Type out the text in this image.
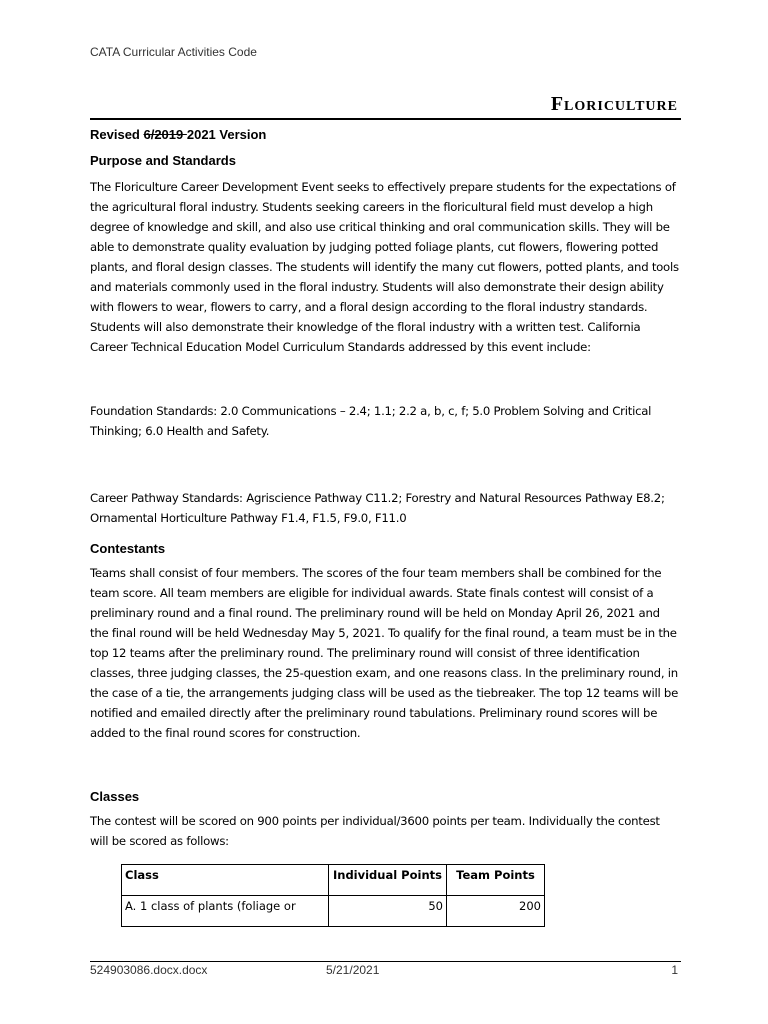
CATA Curricular Activities Code
Floriculture
Revised 6/2019 2021 Version
Purpose and Standards
The Floriculture Career Development Event seeks to effectively prepare students for the expectations of the agricultural floral industry. Students seeking careers in the floricultural field must develop a high degree of knowledge and skill, and also use critical thinking and oral communication skills. They will be able to demonstrate quality evaluation by judging potted foliage plants, cut flowers, flowering potted plants, and floral design classes. The students will identify the many cut flowers, potted plants, and tools and materials commonly used in the floral industry. Students will also demonstrate their design ability with flowers to wear, flowers to carry, and a floral design according to the floral industry standards. Students will also demonstrate their knowledge of the floral industry with a written test. California Career Technical Education Model Curriculum Standards addressed by this event include:
Foundation Standards: 2.0 Communications – 2.4; 1.1; 2.2 a, b, c, f; 5.0 Problem Solving and Critical Thinking; 6.0 Health and Safety.
Career Pathway Standards: Agriscience Pathway C11.2; Forestry and Natural Resources Pathway E8.2; Ornamental Horticulture Pathway F1.4, F1.5, F9.0, F11.0
Contestants
Teams shall consist of four members. The scores of the four team members shall be combined for the team score. All team members are eligible for individual awards. State finals contest will consist of a preliminary round and a final round. The preliminary round will be held on Monday April 26, 2021 and the final round will be held Wednesday May 5, 2021. To qualify for the final round, a team must be in the top 12 teams after the preliminary round. The preliminary round will consist of three identification classes, three judging classes, the 25-question exam, and one reasons class. In the preliminary round, in the case of a tie, the arrangements judging class will be used as the tiebreaker. The top 12 teams will be notified and emailed directly after the preliminary round tabulations. Preliminary round scores will be added to the final round scores for construction.
Classes
The contest will be scored on 900 points per individual/3600 points per team. Individually the contest will be scored as follows:
Class	Individual Points	Team Points
A. 1 class of plants (foliage or	50	200
524903086.docx.docx	5/21/2021	1
